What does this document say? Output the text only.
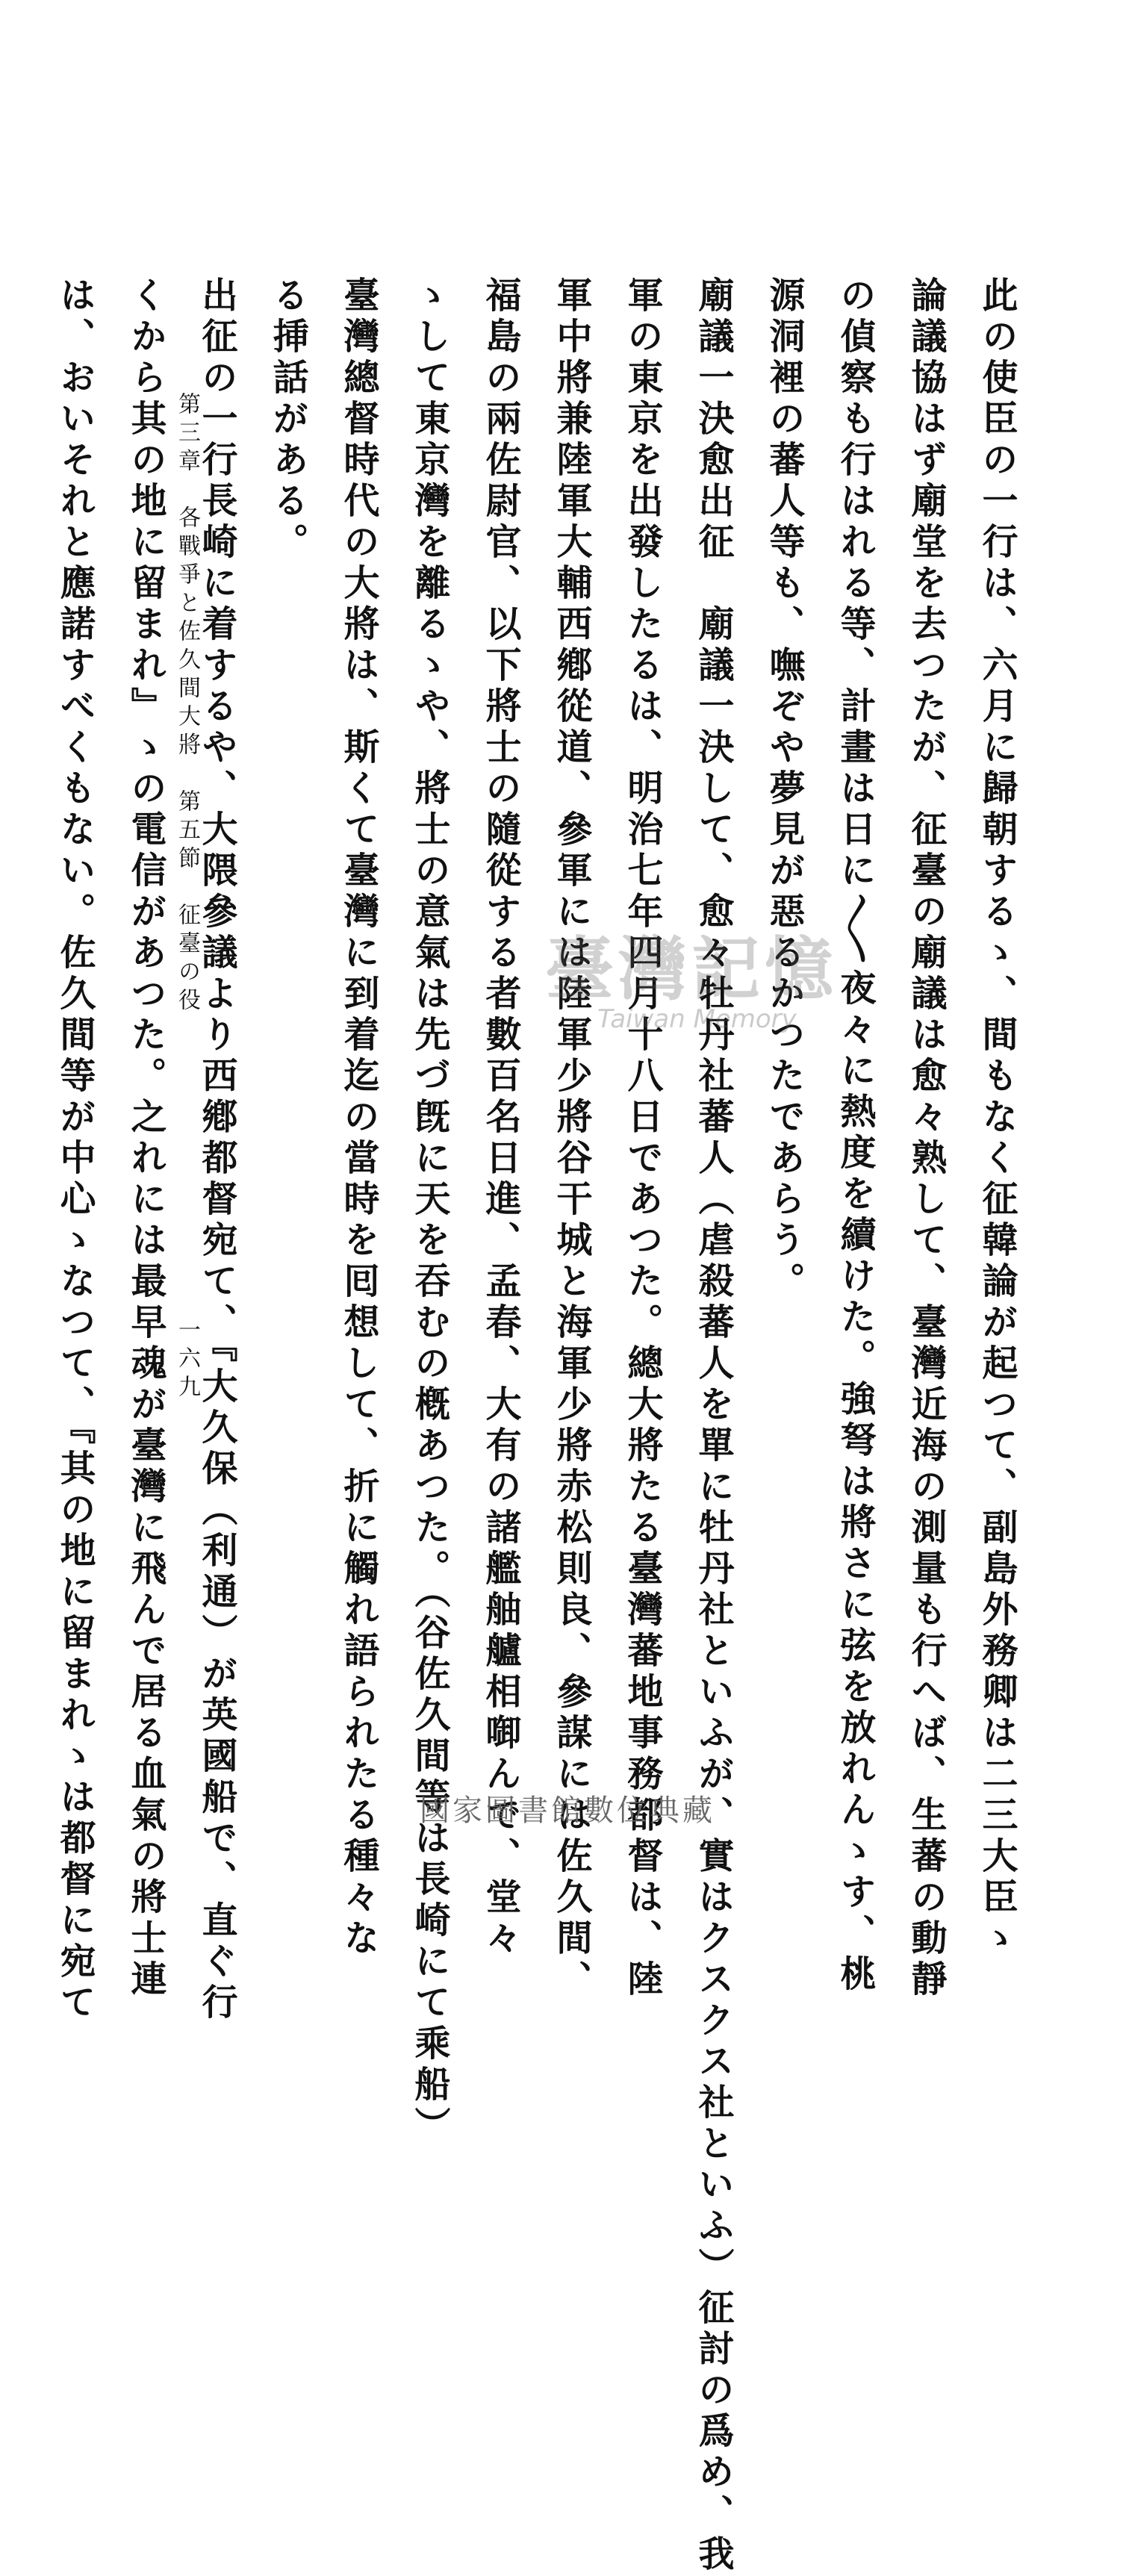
此の使臣の一行は、六月に歸朝するゝ、間もなく征韓論が起つて、副島外務卿は二三大臣ゝ
論議協はず廟堂を去つたが、征臺の廟議は愈々熟して、臺灣近海の測量も行へば、生蕃の動靜
の偵察も行はれる等、計畫は日に〳〵夜々に熱度を續けた。強弩は將さに弦を放れんゝす、桃
源洞裡の蕃人等も、嘸ぞや夢見が惡るかつたであらう。
廟議一決愈出征　廟議一決して、愈々牡丹社蕃人（虐殺蕃人を單に牡丹社といふが、實はクスクス社といふ）征討の爲め、我
軍の東京を出發したるは、明治七年四月十八日であつた。總大將たる臺灣蕃地事務都督は、陸
軍中將兼陸軍大輔西鄕從道、參軍には陸軍少將谷干城と海軍少將赤松則良、參謀には佐久間、
福島の兩佐尉官、以下將士の隨從する者數百名日進、孟春、大有の諸艦舳艫相啣んで、堂々
ゝして東京灣を離るゝや、將士の意氣は先づ旣に天を吞むの槪あつた。（谷佐久間等は長崎にて乘船）
臺灣總督時代の大將は、斯くて臺灣に到着迄の當時を囘想して、折に觸れ語られたる種々な
る挿話がある。
出征の一行長崎に着するや、大隈參議より西鄕都督宛て、『大久保（利通）が英國船で、直ぐ行
くから其の地に留まれ』ゝの電信があつた。之れには最早魂が臺灣に飛んで居る血氣の將士連
は、おいそれと應諾すべくもない。佐久間等が中心ゝなつて、『其の地に留まれゝは都督に宛て	第三章　各戰爭と佐久間大將　第五節　征臺の役
一六九
臺灣記憶
Taiwan Memory
國家圖書館數位典藏
